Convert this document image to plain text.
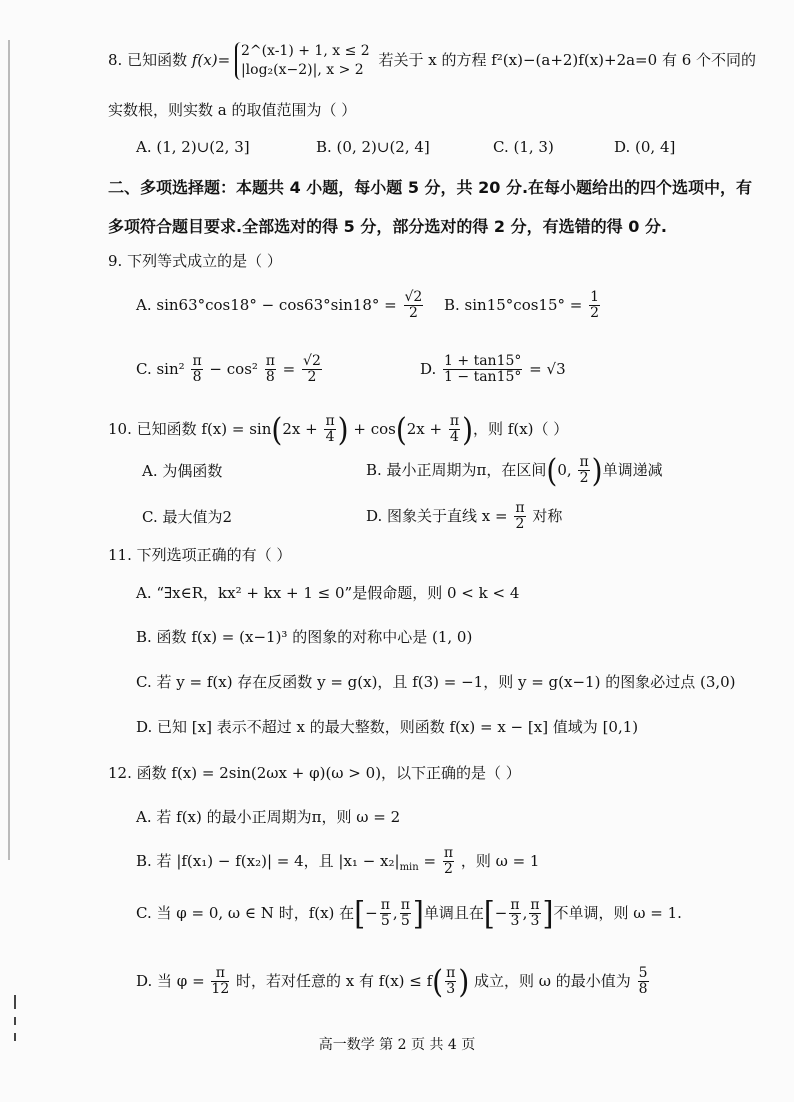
8. 已知函数 f(x)= 2^(x-1) + 1, x ≤ 2
|log₂(x−2)|, x > 2
若关于 x 的方程 f²(x)−(a+2)f(x)+2a=0 有 6 个不同的
实数根，则实数 a 的取值范围为（ ）
A. (1, 2)∪(2, 3]	B. (0, 2)∪(2, 4]	C. (1, 3)	D. (0, 4]
二、多项选择题：本题共 4 小题，每小题 5 分，共 20 分.在每小题给出的四个选项中，有
多项符合题目要求.全部选对的得 5 分，部分选对的得 2 分，有选错的得 0 分.
9. 下列等式成立的是（ ）
A. $\sin 63^\circ\cos 18^\circ - \cos 63^\circ\sin 18^\circ = \frac{√2}{2} B$. $\sin 15^\circ\cos 15^\circ = \frac{1}{2}$
C. $\sin^2 \frac{\pi}{8} - \cos^2 \frac{\pi}{8} = \frac{√2}{2}$	D. $\frac{1 + \tan 15^\circ}{1 - \tan 15^\circ} = √3$
10. 已知函数 $f(x) = \sin(2x + \frac{\pi}{4}$ ) + $\cos(2x + \frac{\pi}{4}$ )，则 f(x)（ ）
A. 为偶函数	B. 最小正周期为π，在区间(0, $\frac{\pi}{2}$ )单调递减
C. 最大值为2	D. 图象关于直线 $x = \frac{\pi}{2}$ 对称
11. 下列选项正确的有（ ）
A. “∃x∈R，kx² + kx + 1 ≤ 0”是假命题，则 0 < k < 4
B. 函数 f(x) = (x−1)³ 的图象的对称中心是 (1, 0)
C. 若 y = f(x) 存在反函数 y = g(x)，且 f(3) = −1，则 y = g(x−1) 的图象必过点 (3,0)
D. 已知 [x] 表示不超过 x 的最大整数，则函数 f(x) = x − [x] 值域为 [0,1)
12. 函数 f(x) = 2sin(2ωx + φ)(ω > 0)，以下正确的是（ ）
A. 若 f(x) 的最小正周期为π，则 ω = 2
B. 若 |f(x₁) − f(x₂)| = 4，且 $|x_1 - x_2|_{min} = \frac{\pi}{2}$ ，则 ω = 1
C. 当 φ = 0, ω ∈ N 时，f(x) 在[− $\frac{\pi}{5}$ , $\frac{\pi}{5}$ ]单调且在[− $\frac{\pi}{3}$ , $\frac{\pi}{3}$ ]不单调，则 ω = 1.
D. 当 $\varphi = \frac{\pi}{12}$ 时，若对任意的 x 有 $f(x) \le f( \frac{\pi}{3}$ ) 成立，则 ω 的最小值为 $\frac{5}{8}$
高一数学 第 2 页 共 4 页
